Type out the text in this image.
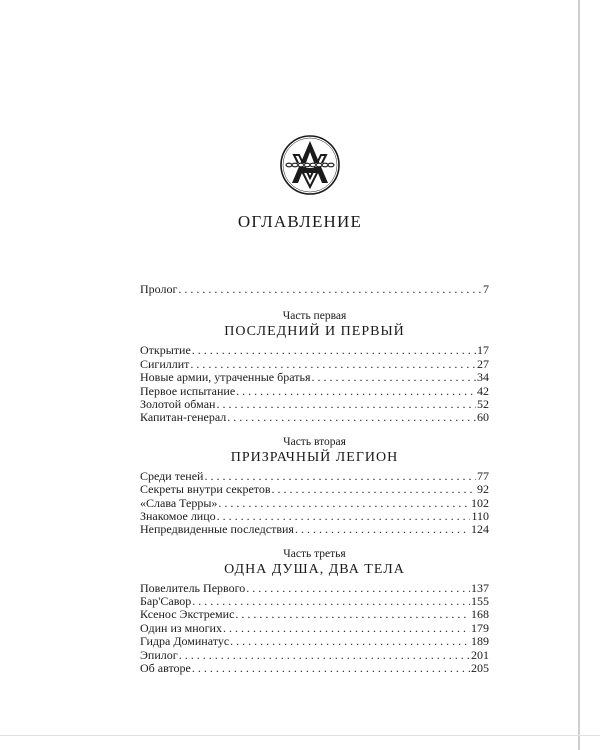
ОГЛАВЛЕНИЕ
Пролог . . .	7
Часть первая
ПОСЛЕДНИЙ И ПЕРВЫЙ
Открытие . . .	17
Сигиллит . . .	27
Новые армии, утраченные братья . . .	34
Первое испытание . . .	42
Золотой обман . . .	52
Капитан-генерал . . .	60
Часть вторая
ПРИЗРАЧНЫЙ ЛЕГИОН
Среди теней . . .	77
Секреты внутри секретов . . .	92
«Слава Терры» . . .	102
Знакомое лицо . . .	110
Непредвиденные последствия . . .	124
Часть третья
ОДНА ДУША, ДВА ТЕЛА
Повелитель Первого . . .	137
Бар'Савор . . .	155
Ксенос Экстремис . . .	168
Один из многих . . .	179
Гидра Доминатус . . .	189
Эпилог . . .	201
Об авторе . . .	205
